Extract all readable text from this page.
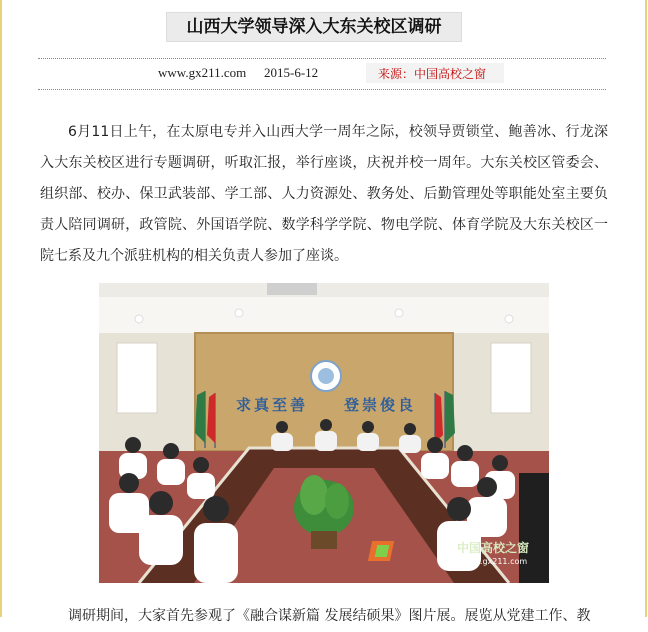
山西大学领导深入大东关校区调研
www.gx211.com 2015-6-12	来源：中国高校之窗

6月11日上午，在太原电专并入山西大学一周年之际，校领导贾锁堂、鲍善冰、行龙深入大东关校区进行专题调研，听取汇报，举行座谈，庆祝并校一周年。大东关校区管委会、组织部、校办、保卫武装部、学工部、人力资源处、教务处、后勤管理处等职能处室主要负责人陪同调研，政管院、外国语学院、数学科学学院、物电学院、体育学院及大东关校区一院七系及九个派驻机构的相关负责人参加了座谈。

求真至善 登崇俊良
中国高校之窗
www.gx211.com

调研期间，大家首先参观了《融合谋新篇 发展结硕果》图片展。展览从党建工作、教
